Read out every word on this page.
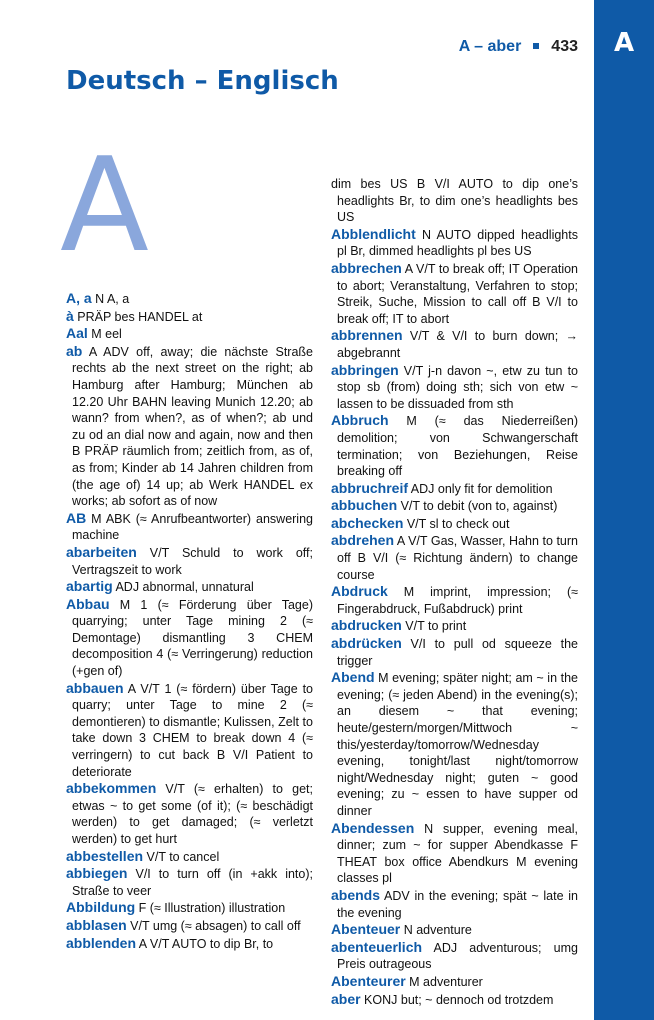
A
A – aber 433
Deutsch – Englisch
A

A, a N A, a

à PRÄP bes HANDEL at

Aal M eel

ab A ADV off, away; die nächste Straße rechts ab the next street on the right; ab Hamburg after Hamburg; München ab 12.20 Uhr BAHN leaving Munich 12.20; ab wann? from when?, as of when?; ab und zu od an dial now and again, now and then B PRÄP räumlich from; zeitlich from, as of, as from; Kinder ab 14 Jahren children from (the age of) 14 up; ab Werk HANDEL ex works; ab sofort as of now

AB M ABK (≈ Anrufbeantworter) answering machine

abarbeiten V/T Schuld to work off; Vertragszeit to work

abartig ADJ abnormal, unnatural

Abbau M 1 (≈ Förderung über Tage) quarrying; unter Tage mining 2 (≈ Demontage) dismantling 3 CHEM decomposition 4 (≈ Verringerung) reduction (+gen of)

abbauen A V/T 1 (≈ fördern) über Tage to quarry; unter Tage to mine 2 (≈ demontieren) to dismantle; Kulissen, Zelt to take down 3 CHEM to break down 4 (≈ verringern) to cut back B V/I Patient to deteriorate

abbekommen V/T (≈ erhalten) to get; etwas ~ to get some (of it); (≈ beschädigt werden) to get damaged; (≈ verletzt werden) to get hurt

abbestellen V/T to cancel

abbiegen V/I to turn off (in +akk into); Straße to veer

Abbildung F (≈ Illustration) illustration

abblasen V/T umg (≈ absagen) to call off

abblenden A V/T AUTO to dip Br, to

dim bes US B V/I AUTO to dip one’s headlights Br, to dim one’s headlights bes US

Abblendlicht N AUTO dipped headlights pl Br, dimmed headlights pl bes US

abbrechen A V/T to break off; IT Operation to abort; Veranstaltung, Verfahren to stop; Streik, Suche, Mission to call off B V/I to break off; IT to abort

abbrennen V/T & V/I to burn down; → abgebrannt

abbringen V/T j-n davon ~, etw zu tun to stop sb (from) doing sth; sich von etw ~ lassen to be dissuaded from sth

Abbruch M (≈ das Niederreißen) demolition; von Schwangerschaft termination; von Beziehungen, Reise breaking off

abbruchreif ADJ only fit for demolition

abbuchen V/T to debit (von to, against)

abchecken V/T sl to check out

abdrehen A V/T Gas, Wasser, Hahn to turn off B V/I (≈ Richtung ändern) to change course

Abdruck M imprint, impression; (≈ Fingerabdruck, Fußabdruck) print

abdrucken V/T to print

abdrücken V/I to pull od squeeze the trigger

Abend M evening; später night; am ~ in the evening; (≈ jeden Abend) in the evening(s); an diesem ~ that evening; heute/gestern/morgen/Mittwoch ~ this/yesterday/tomorrow/Wednesday evening, tonight/last night/tomorrow night/Wednesday night; guten ~ good evening; zu ~ essen to have supper od dinner

Abendessen N supper, evening meal, dinner; zum ~ for supper Abendkasse F THEAT box office Abendkurs M evening classes pl

abends ADV in the evening; spät ~ late in the evening

Abenteuer N adventure

abenteuerlich ADJ adventurous; umg Preis outrageous

Abenteurer M adventurer

aber KONJ but; ~ dennoch od trotzdem
